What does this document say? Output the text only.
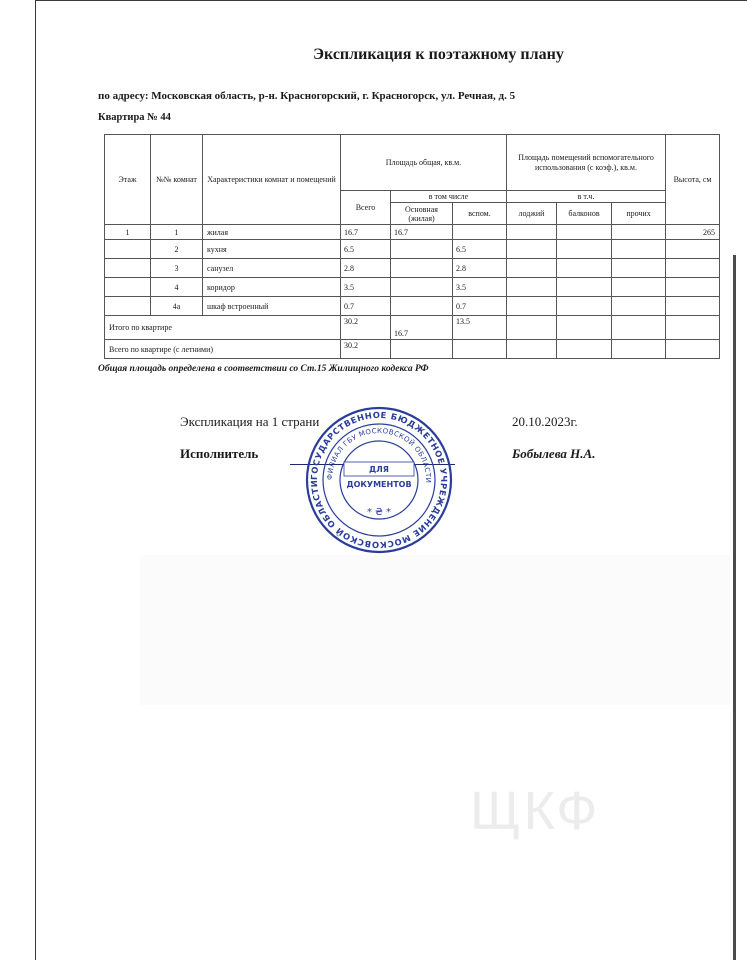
ЩКФ
Экспликация к поэтажному плану
по адресу: Московская область, р-н. Красногорский, г. Красногорск, ул. Речная, д. 5
Квартира № 44
Этаж	№№ комнат	Характеристики комнат и помещений	Площадь общая, кв.м.			Площадь помещений вспомогательного использования (с коэф.), кв.м.			Высота, см
			Всего	в том числе		в т.ч.			
				Основная (жилая)	вспом.	лоджий	балконов	прочих	
1	1	жилая	16.7	16.7					265
	2	кухня	6.5		6.5				
	3	санузел	2.8		2.8				
	4	коридор	3.5		3.5				
	4а	шкаф встроенный	0.7		0.7				
Итого по квартире			30.2	16.7	13.5				
Всего по квартире (с летними)			30.2						
Общая площадь определена в соответствии со Ст.15 Жилищного кодекса РФ
Экспликация на 1 страни	20.10.2023г.
Исполнитель	Бобылева Н.А.
ГОСУДАРСТВЕННОЕ БЮДЖЕТНОЕ УЧРЕЖДЕНИЕ МОСКОВСКОЙ ОБЛАСТИ
ФИЛИАЛ ГБУ МОСКОВСКОЙ ОБЛАСТИ
ДЛЯ
ДОКУМЕНТОВ
* ₴ *
